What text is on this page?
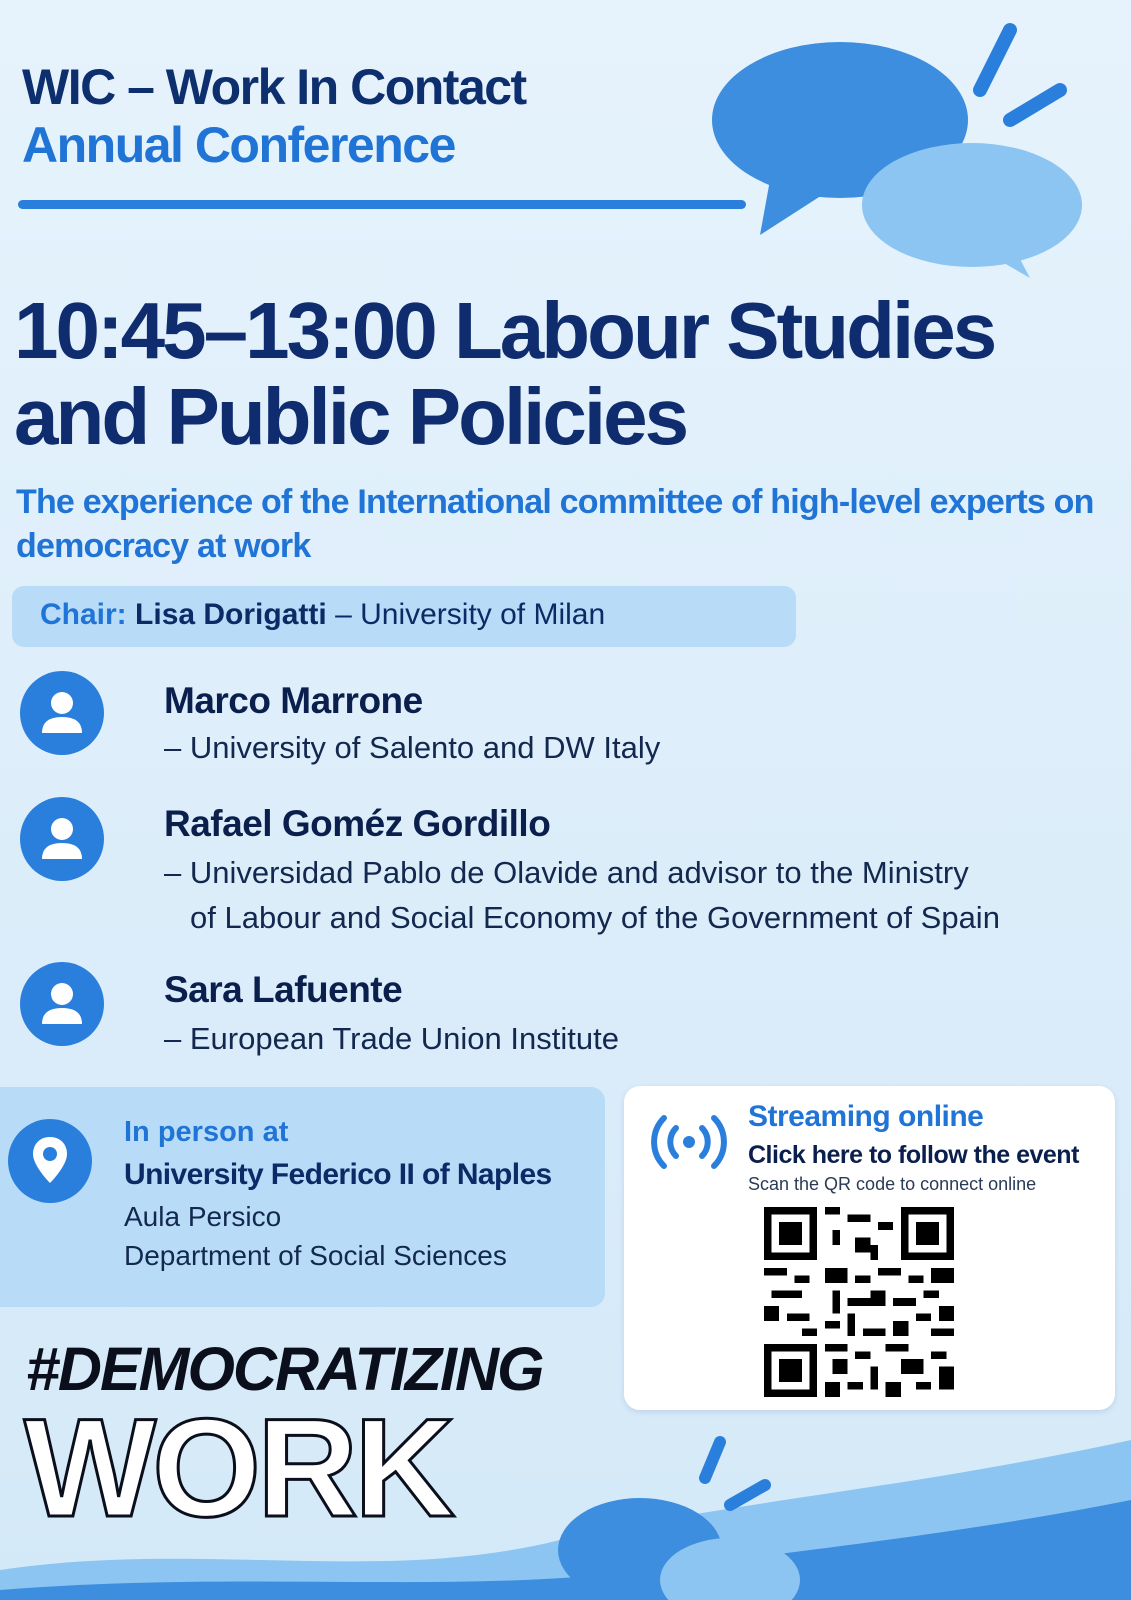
WIC – Work In Contact
Annual Conference
10:45–13:00 Labour Studies and Public Policies
The experience of the International committee of high-level experts on democracy at work
Chair: Lisa Dorigatti – University of Milan
Marco Marrone
– University of Salento and DW Italy
Rafael Goméz Gordillo
– Universidad Pablo de Olavide and advisor to the Ministry
of Labour and Social Economy of the Government of Spain
Sara Lafuente
– European Trade Union Institute
In person at
University Federico II of Naples
Aula Persico
Department of Social Sciences
Streaming online
Click here to follow the event
Scan the QR code to connect online
#DEMOCRATIZING
WORK
